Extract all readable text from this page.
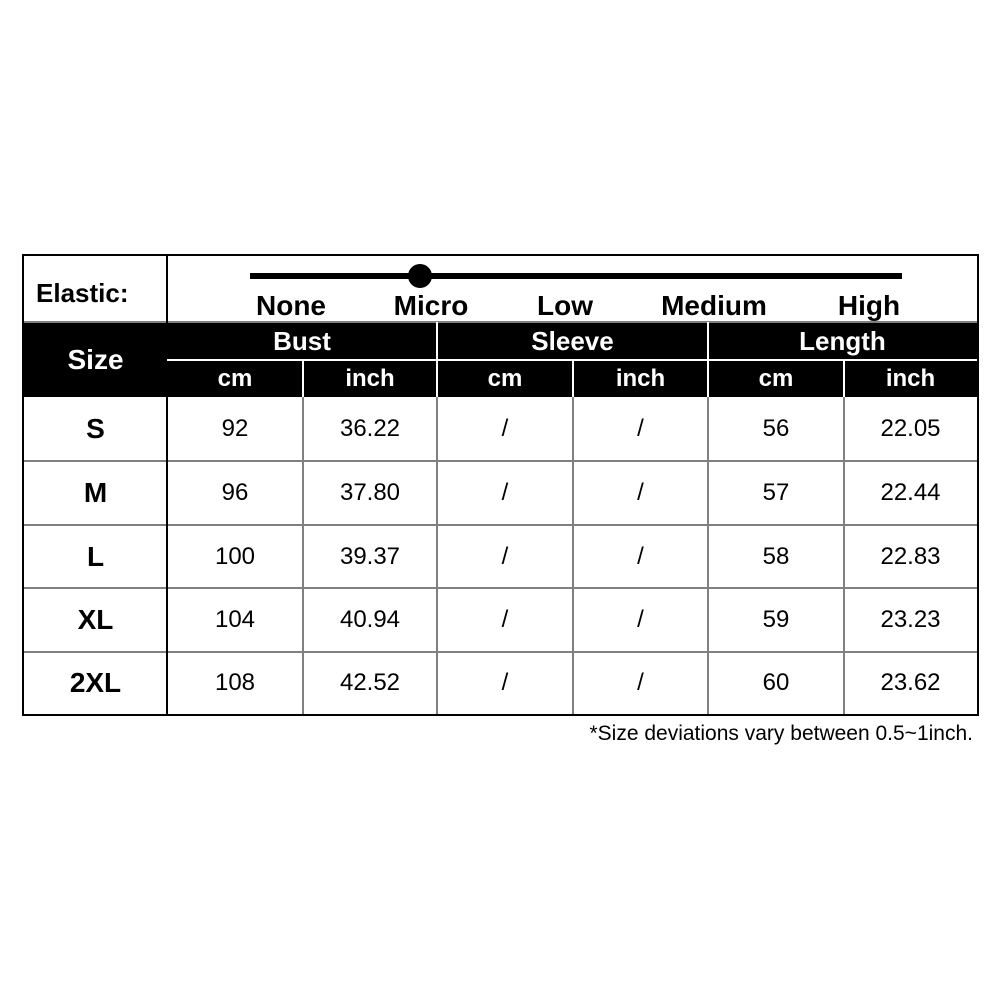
Elastic:	None Micro Low Medium	High
Size
Bust
cm	inch
Sleeve
cm	inch
Length
cm	inch
S	92	36.22	/	/	56	22.05
M	96	37.80	/	/	57	22.44
L	100	39.37	/	/	58	22.83
XL	104	40.94	/	/	59	23.23
2XL	108	42.52	/	/	60	23.62
*Size deviations vary between 0.5~1inch.
